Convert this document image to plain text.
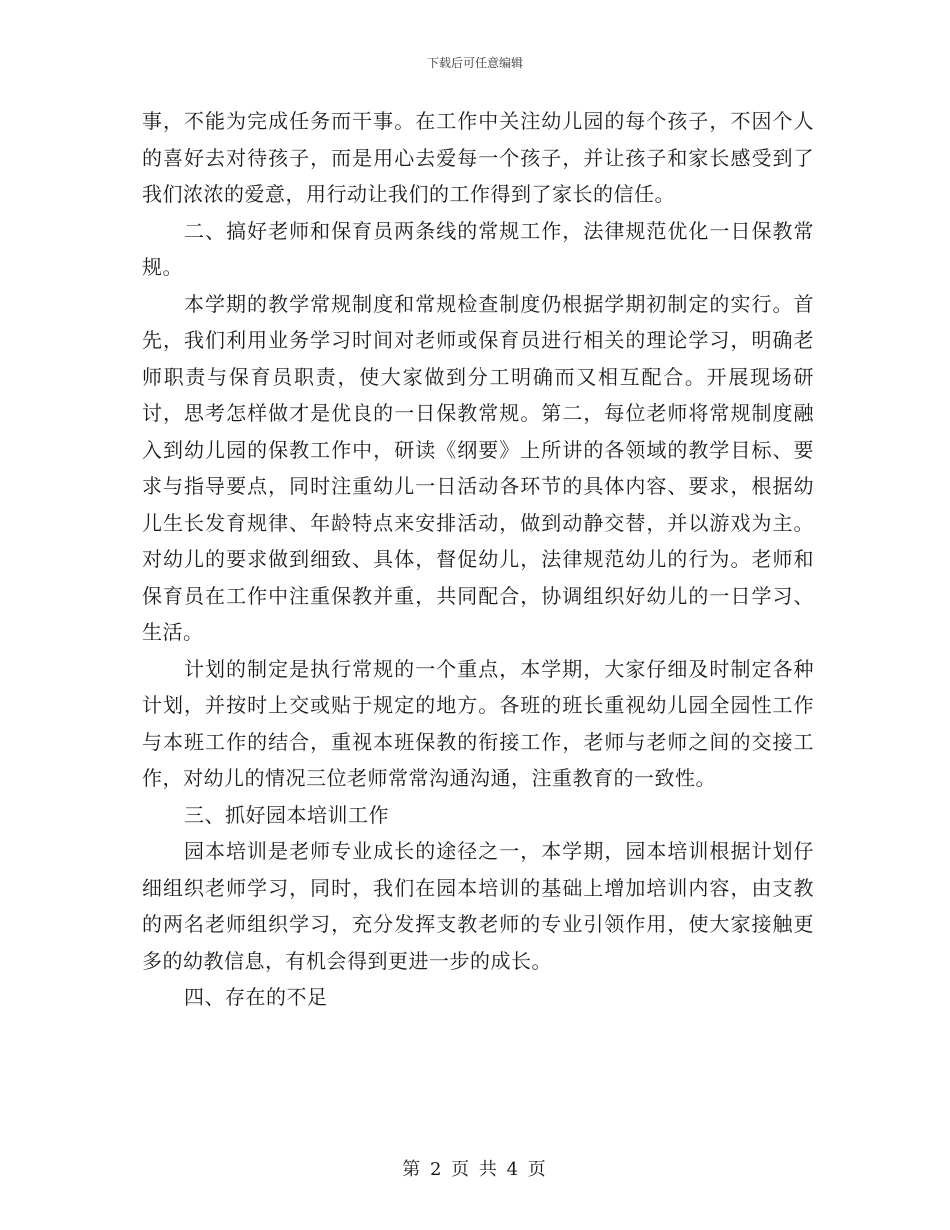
下载后可任意编辑

事，不能为完成任务而干事。在工作中关注幼儿园的每个孩子，不因个人的喜好去对待孩子，而是用心去爱每一个孩子，并让孩子和家长感受到了我们浓浓的爱意，用行动让我们的工作得到了家长的信任。

二、搞好老师和保育员两条线的常规工作，法律规范优化一日保教常规。

本学期的教学常规制度和常规检查制度仍根据学期初制定的实行。首先，我们利用业务学习时间对老师或保育员进行相关的理论学习，明确老师职责与保育员职责，使大家做到分工明确而又相互配合。开展现场研讨，思考怎样做才是优良的一日保教常规。第二，每位老师将常规制度融入到幼儿园的保教工作中，研读《纲要》上所讲的各领域的教学目标、要求与指导要点，同时注重幼儿一日活动各环节的具体内容、要求，根据幼儿生长发育规律、年龄特点来安排活动，做到动静交替，并以游戏为主。对幼儿的要求做到细致、具体，督促幼儿，法律规范幼儿的行为。老师和保育员在工作中注重保教并重，共同配合，协调组织好幼儿的一日学习、生活。

计划的制定是执行常规的一个重点，本学期，大家仔细及时制定各种计划，并按时上交或贴于规定的地方。各班的班长重视幼儿园全园性工作与本班工作的结合，重视本班保教的衔接工作，老师与老师之间的交接工作，对幼儿的情况三位老师常常沟通沟通，注重教育的一致性。

三、抓好园本培训工作

园本培训是老师专业成长的途径之一，本学期，园本培训根据计划仔细组织老师学习，同时，我们在园本培训的基础上增加培训内容，由支教的两名老师组织学习，充分发挥支教老师的专业引领作用，使大家接触更多的幼教信息，有机会得到更进一步的成长。

四、存在的不足

第 2 页 共 4 页
